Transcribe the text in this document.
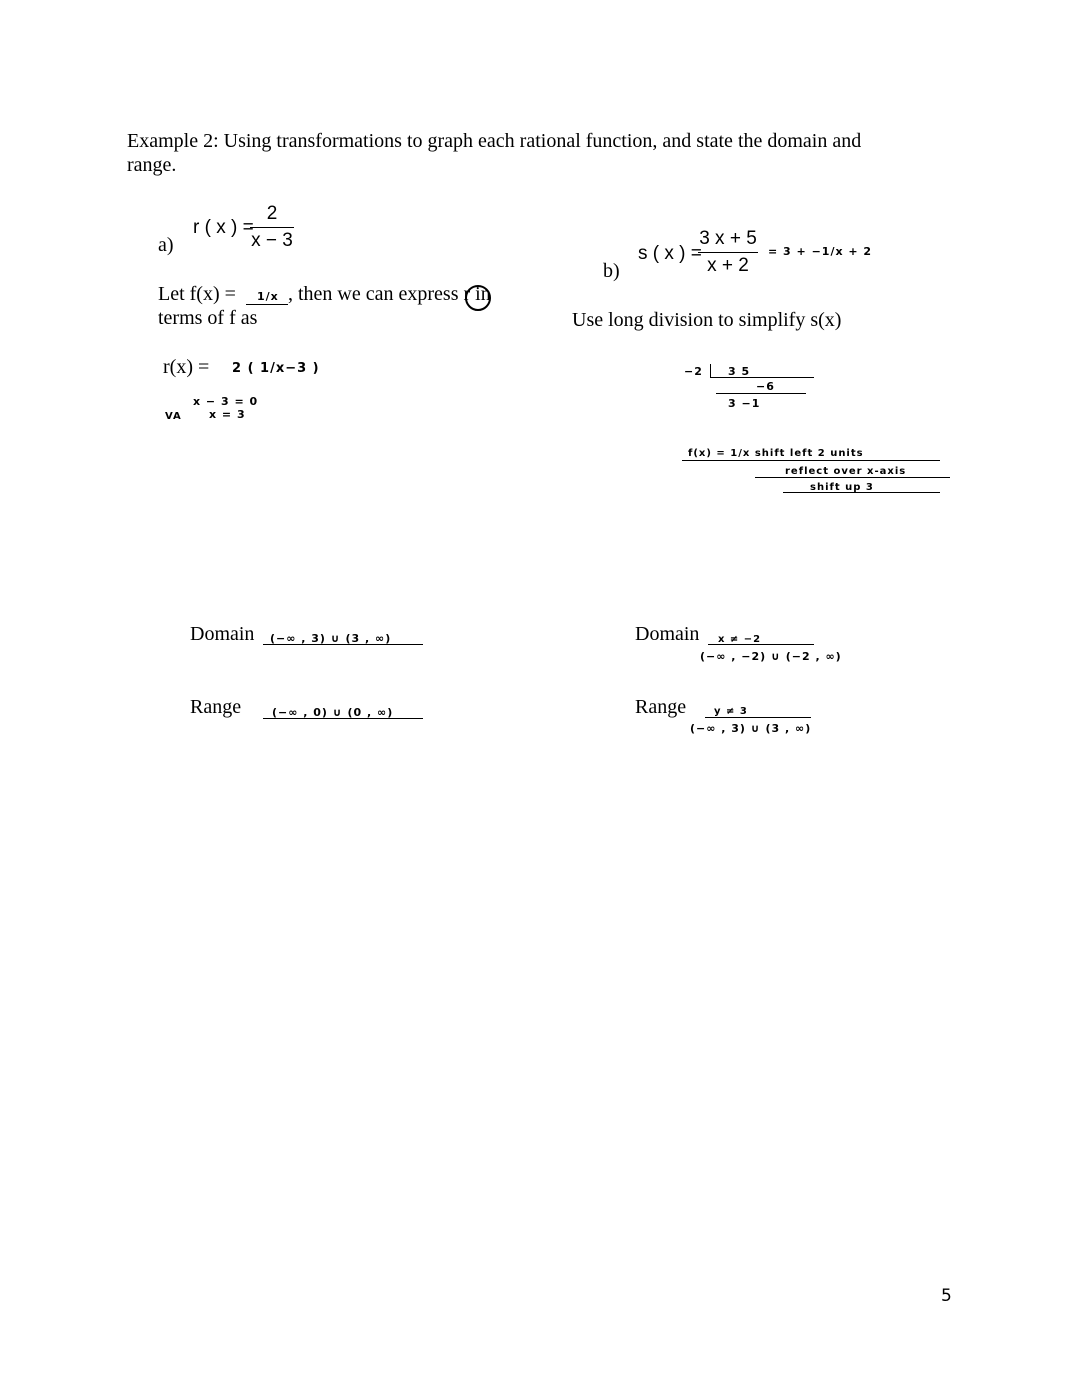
Example 2: Using transformations to graph each rational function, and state the domain and
range.
a)
r ( x ) =
2
x − 3
Let f(x) = 1/x , then we can express r in
terms of f as
r(x) = 2 ( 1/x−3 )
x − 3 = 0
x = 3
VA
Domain (−∞ , 3) ∪ (3 , ∞)
Range	(−∞ , 0) ∪ (0 , ∞)
b)
s ( x ) =
3 x + 5
x + 2
= 3 + −1/x + 2
Use long division to simplify s(x)
−2 3 5
−6
3 −1
f(x) = 1/x shift left 2 units
reflect over x-axis
shift up 3
Domain x ≠ −2
(−∞ , −2) ∪ (−2 , ∞)
Range	y ≠ 3
(−∞ , 3) ∪ (3 , ∞)
5
